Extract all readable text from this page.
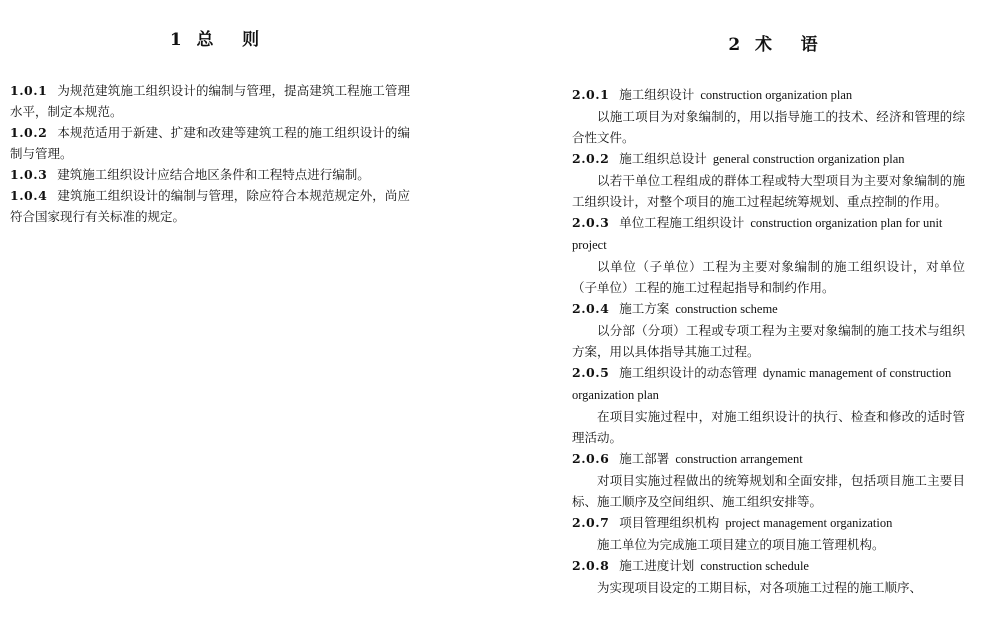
1  总    则

1.0.1 为规范建筑施工组织设计的编制与管理，提高建筑工程施工管理水平，制定本规范。

1.0.2 本规范适用于新建、扩建和改建等建筑工程的施工组织设计的编制与管理。

1.0.3 建筑施工组织设计应结合地区条件和工程特点进行编制。

1.0.4 建筑施工组织设计的编制与管理，除应符合本规范规定外，尚应符合国家现行有关标准的规定。

2  术    语

2.0.1 施工组织设计 construction organization plan

以施工项目为对象编制的，用以指导施工的技术、经济和管理的综合性文件。

2.0.2 施工组织总设计 general construction organization plan

以若干单位工程组成的群体工程或特大型项目为主要对象编制的施工组织设计，对整个项目的施工过程起统筹规划、重点控制的作用。

2.0.3 单位工程施工组织设计 construction organization plan for unit project

以单位（子单位）工程为主要对象编制的施工组织设计，对单位（子单位）工程的施工过程起指导和制约作用。

2.0.4 施工方案 construction scheme

以分部（分项）工程或专项工程为主要对象编制的施工技术与组织方案，用以具体指导其施工过程。

2.0.5 施工组织设计的动态管理 dynamic management of construction organization plan

在项目实施过程中，对施工组织设计的执行、检查和修改的适时管理活动。

2.0.6 施工部署 construction arrangement

对项目实施过程做出的统筹规划和全面安排，包括项目施工主要目标、施工顺序及空间组织、施工组织安排等。

2.0.7 项目管理组织机构 project management organization

施工单位为完成施工项目建立的项目施工管理机构。

2.0.8 施工进度计划 construction schedule

为实现项目设定的工期目标，对各项施工过程的施工顺序、
